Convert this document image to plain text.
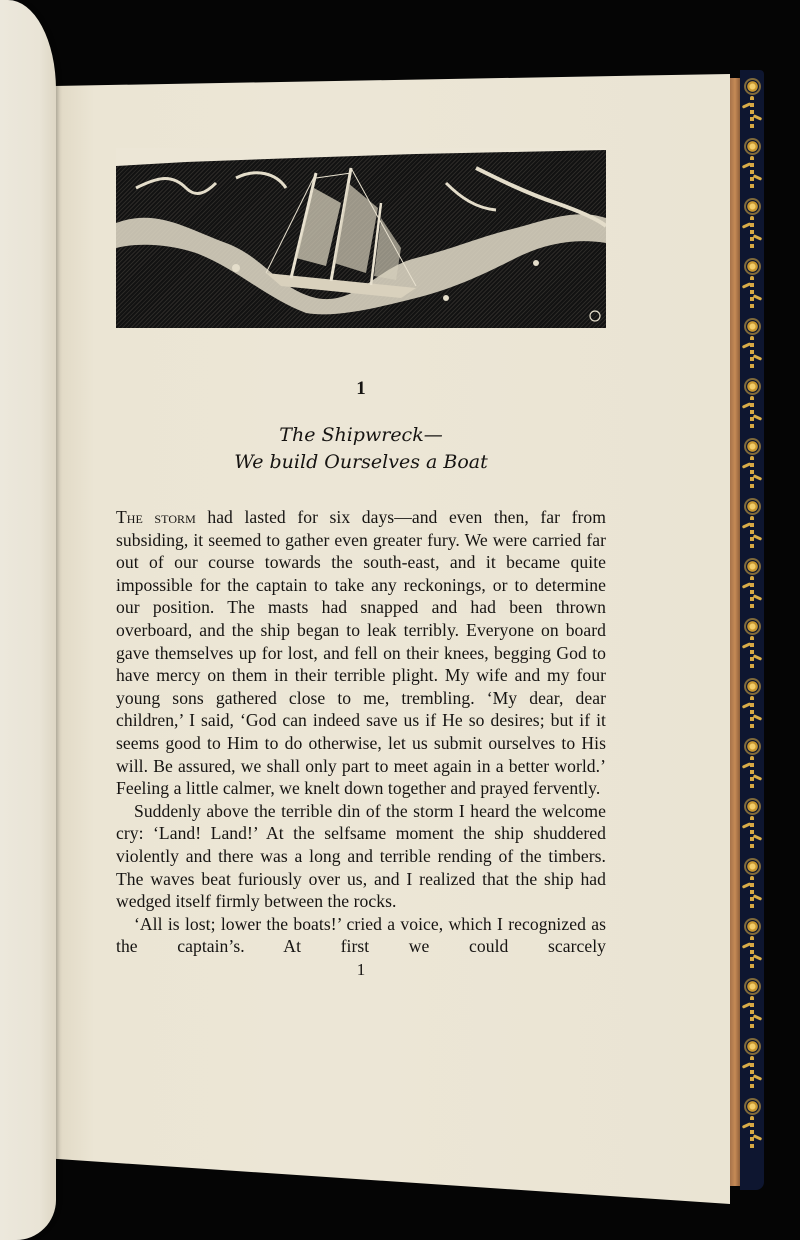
1
The Shipwreck—
We build Ourselves a Boat

The storm had lasted for six days—and even then, far from subsiding, it seemed to gather even greater fury. We were carried far out of our course towards the south-east, and it became quite impossible for the captain to take any reckonings, or to determine our position. The masts had snapped and had been thrown overboard, and the ship began to leak terribly. Everyone on board gave themselves up for lost, and fell on their knees, begging God to have mercy on them in their terrible plight. My wife and my four young sons gathered close to me, trembling. ‘My dear, dear children,’ I said, ‘God can indeed save us if He so desires; but if it seems good to Him to do otherwise, let us submit ourselves to His will. Be assured, we shall only part to meet again in a better world.’ Feeling a little calmer, we knelt down together and prayed fervently.

Suddenly above the terrible din of the storm I heard the welcome cry: ‘Land! Land!’ At the selfsame moment the ship shuddered violently and there was a long and terrible rending of the timbers. The waves beat furiously over us, and I realized that the ship had wedged itself firmly between the rocks.

‘All is lost; lower the boats!’ cried a voice, which I recognized as the captain’s. At first we could scarcely

1
